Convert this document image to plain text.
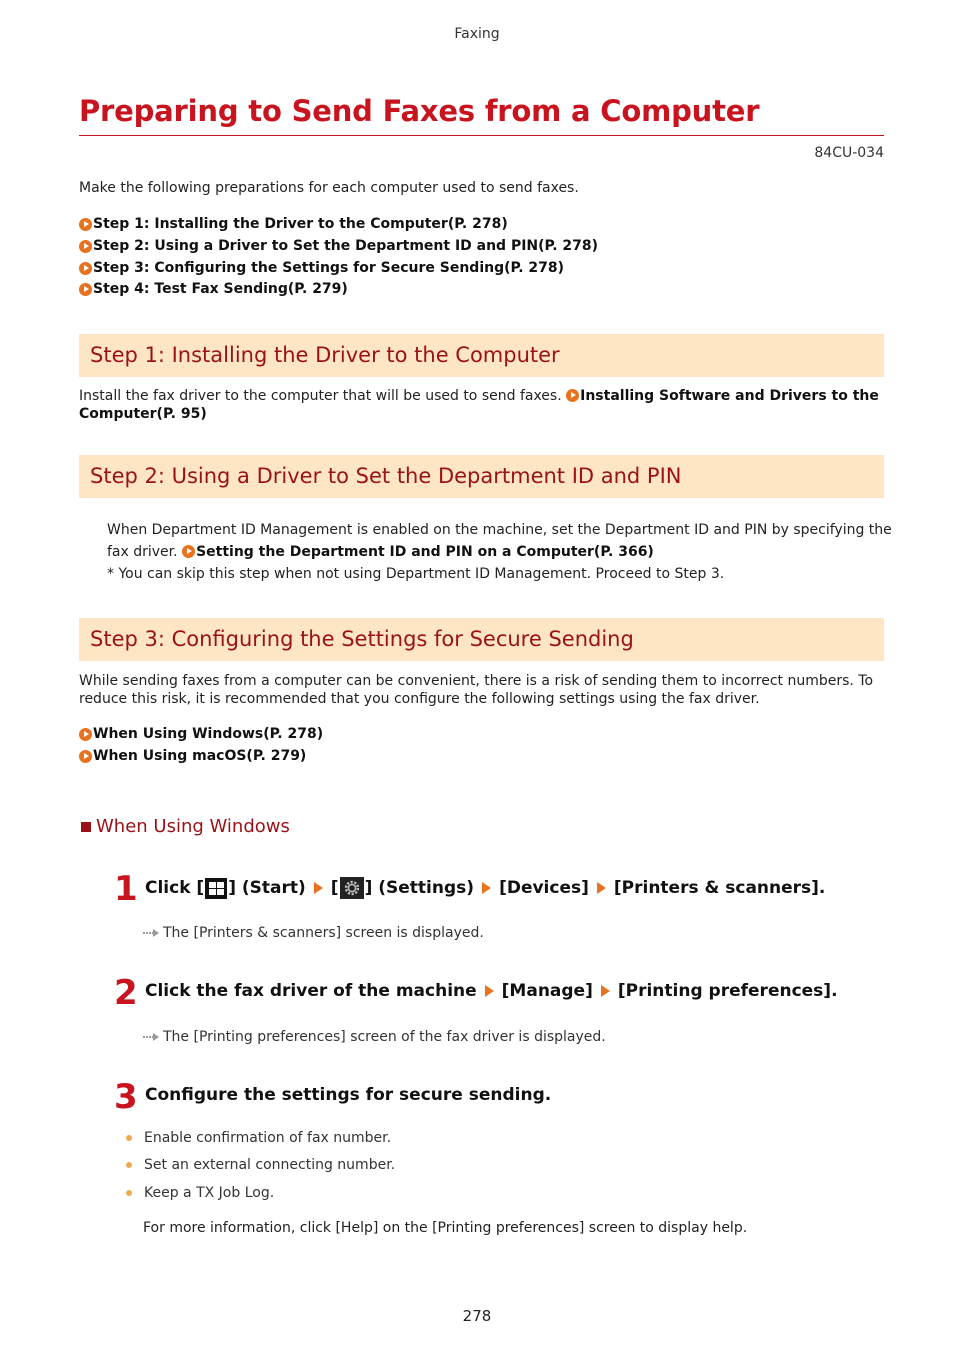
Faxing
Preparing to Send Faxes from a Computer
84CU-034
Make the following preparations for each computer used to send faxes.
Step 1: Installing the Driver to the Computer(P. 278)
Step 2: Using a Driver to Set the Department ID and PIN(P. 278)
Step 3: Configuring the Settings for Secure Sending(P. 278)
Step 4: Test Fax Sending(P. 279)
Step 1: Installing the Driver to the Computer
Install the fax driver to the computer that will be used to send faxes. Installing Software and Drivers to the
Computer(P. 95)
Step 2: Using a Driver to Set the Department ID and PIN
When Department ID Management is enabled on the machine, set the Department ID and PIN by specifying the
fax driver. Setting the Department ID and PIN on a Computer(P. 366)
* You can skip this step when not using Department ID Management. Proceed to Step 3.
Step 3: Configuring the Settings for Secure Sending
While sending faxes from a computer can be convenient, there is a risk of sending them to incorrect numbers. To
reduce this risk, it is recommended that you configure the following settings using the fax driver.
When Using Windows(P. 278)
When Using macOS(P. 279)
When Using Windows
1 Click [ ] (Start) [ ] (Settings) [Devices] [Printers & scanners].
The [Printers & scanners] screen is displayed.
2 Click the fax driver of the machine [Manage] [Printing preferences].
The [Printing preferences] screen of the fax driver is displayed.
3 Configure the settings for secure sending.
Enable confirmation of fax number.
Set an external connecting number.
Keep a TX Job Log.
For more information, click [Help] on the [Printing preferences] screen to display help.
278
